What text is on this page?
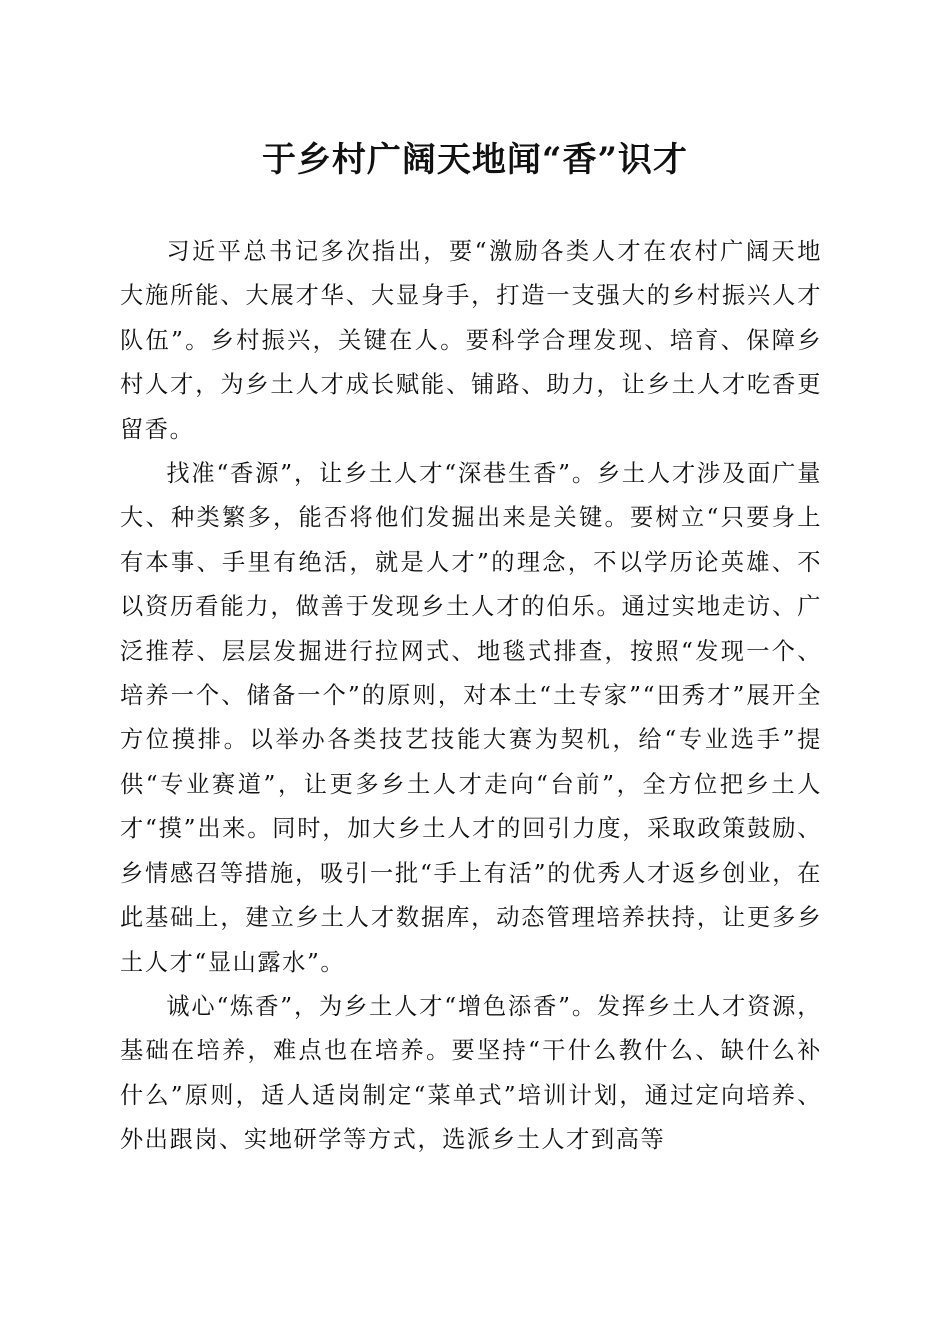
于乡村广阔天地闻“香”识才

习近平总书记多次指出，要“激励各类人才在农村广阔天地大施所能、大展才华、大显身手，打造一支强大的乡村振兴人才队伍”。乡村振兴，关键在人。要科学合理发现、培育、保障乡村人才，为乡土人才成长赋能、铺路、助力，让乡土人才吃香更留香。

找准“香源”，让乡土人才“深巷生香”。乡土人才涉及面广量大、种类繁多，能否将他们发掘出来是关键。要树立“只要身上有本事、手里有绝活，就是人才”的理念，不以学历论英雄、不以资历看能力，做善于发现乡土人才的伯乐。通过实地走访、广泛推荐、层层发掘进行拉网式、地毯式排查，按照“发现一个、培养一个、储备一个”的原则，对本土“土专家”“田秀才”展开全方位摸排。以举办各类技艺技能大赛为契机，给“专业选手”提供“专业赛道”，让更多乡土人才走向“台前”，全方位把乡土人才“摸”出来。同时，加大乡土人才的回引力度，采取政策鼓励、乡情感召等措施，吸引一批“手上有活”的优秀人才返乡创业，在此基础上，建立乡土人才数据库，动态管理培养扶持，让更多乡土人才“显山露水”。

诚心“炼香”，为乡土人才“增色添香”。发挥乡土人才资源，基础在培养，难点也在培养。要坚持“干什么教什么、缺什么补什么”原则，适人适岗制定“菜单式”培训计划，通过定向培养、外出跟岗、实地研学等方式，选派乡土人才到高等
